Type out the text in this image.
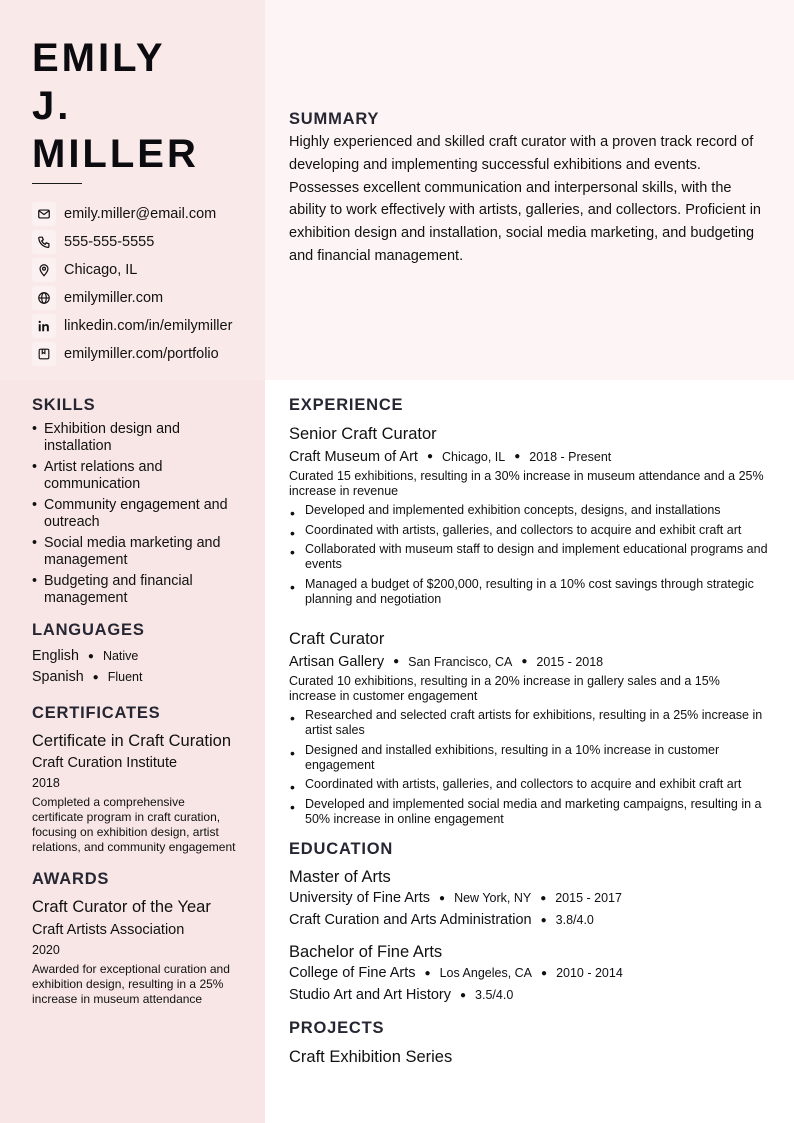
EMILY
J.
MILLER
emily.miller@email.com
555-555-5555
Chicago, IL
emilymiller.com
linkedin.com/in/emilymiller
emilymiller.com/portfolio
SUMMARY
Highly experienced and skilled craft curator with a proven track record of developing and implementing successful exhibitions and events. Possesses excellent communication and interpersonal skills, with the ability to work effectively with artists, galleries, and collectors. Proficient in exhibition design and installation, social media marketing, and budgeting and financial management.
SKILLS
• Exhibition design and installation
• Artist relations and communication
• Community engagement and outreach
• Social media marketing and management
• Budgeting and financial management
LANGUAGES
English ● Native
Spanish ● Fluent
CERTIFICATES
Certificate in Craft Curation
Craft Curation Institute
2018
Completed a comprehensive certificate program in craft curation, focusing on exhibition design, artist relations, and community engagement
AWARDS
Craft Curator of the Year
Craft Artists Association
2020
Awarded for exceptional curation and exhibition design, resulting in a 25% increase in museum attendance
EXPERIENCE
Senior Craft Curator
Craft Museum of Art ● Chicago, IL ● 2018 - Present
Curated 15 exhibitions, resulting in a 30% increase in museum attendance and a 25% increase in revenue
• Developed and implemented exhibition concepts, designs, and installations
• Coordinated with artists, galleries, and collectors to acquire and exhibit craft art
• Collaborated with museum staff to design and implement educational programs and events
• Managed a budget of $200,000, resulting in a 10% cost savings through strategic planning and negotiation
Craft Curator
Artisan Gallery ● San Francisco, CA ● 2015 - 2018
Curated 10 exhibitions, resulting in a 20% increase in gallery sales and a 15% increase in customer engagement
• Researched and selected craft artists for exhibitions, resulting in a 25% increase in artist sales
• Designed and installed exhibitions, resulting in a 10% increase in customer engagement
• Coordinated with artists, galleries, and collectors to acquire and exhibit craft art
• Developed and implemented social media and marketing campaigns, resulting in a 50% increase in online engagement
EDUCATION
Master of Arts
University of Fine Arts ● New York, NY ● 2015 - 2017
Craft Curation and Arts Administration ● 3.8/4.0
Bachelor of Fine Arts
College of Fine Arts ● Los Angeles, CA ● 2010 - 2014
Studio Art and Art History ● 3.5/4.0
PROJECTS
Craft Exhibition Series
